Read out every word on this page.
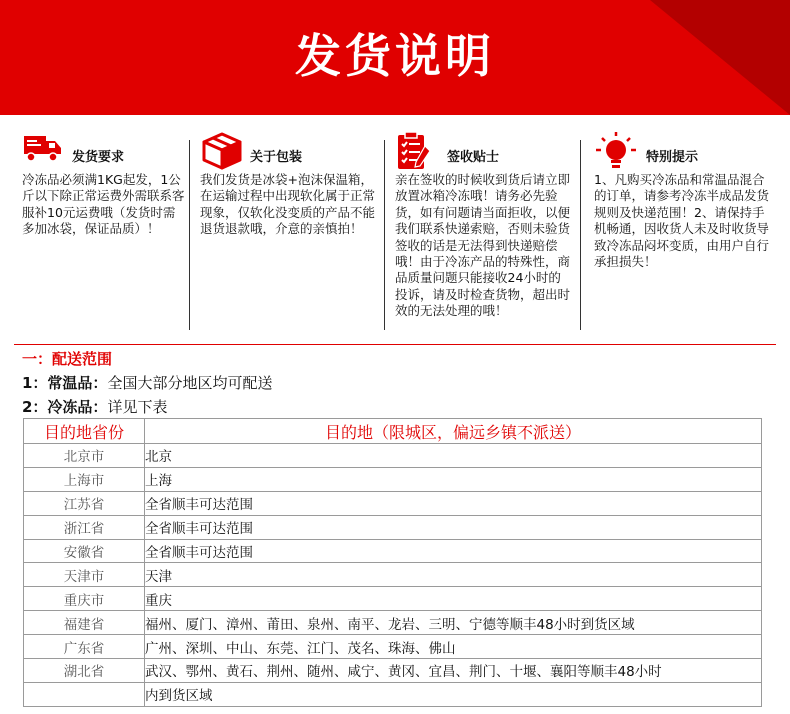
发货说明
发货要求
冷冻品必须满1KG起发，1公斤以下除正常运费外需联系客服补10元运费哦（发货时需多加冰袋，保证品质）！
关于包装
我们发货是冰袋+泡沫保温箱，在运输过程中出现软化属于正常现象，仅软化没变质的产品不能退货退款哦，介意的亲慎拍！
签收贴士
亲在签收的时候收到货后请立即放置冰箱冷冻哦！请务必先验货，如有问题请当面拒收，以便我们联系快递索赔，否则未验货签收的话是无法得到快递赔偿哦！由于冷冻产品的特殊性，商品质量问题只能接收24小时的投诉，请及时检查货物，超出时效的无法处理的哦！
特别提示
1、凡购买冷冻品和常温品混合的订单，请参考冷冻半成品发货规则及快递范围！2、请保持手机畅通，因收货人未及时收货导致冷冻品闷坏变质，由用户自行承担损失！
一：配送范围
1：常温品：全国大部分地区均可配送
2：冷冻品：详见下表
目的地省份	目的地（限城区，偏远乡镇不派送）
北京市	北京
上海市	上海
江苏省	全省顺丰可达范围
浙江省	全省顺丰可达范围
安徽省	全省顺丰可达范围
天津市	天津
重庆市	重庆
福建省	福州、厦门、漳州、莆田、泉州、南平、龙岩、三明、宁德等顺丰48小时到货区域
广东省	广州、深圳、中山、东莞、江门、茂名、珠海、佛山
湖北省	武汉、鄂州、黄石、荆州、随州、咸宁、黄冈、宜昌、荆门、十堰、襄阳等顺丰48小时
	内到货区域
